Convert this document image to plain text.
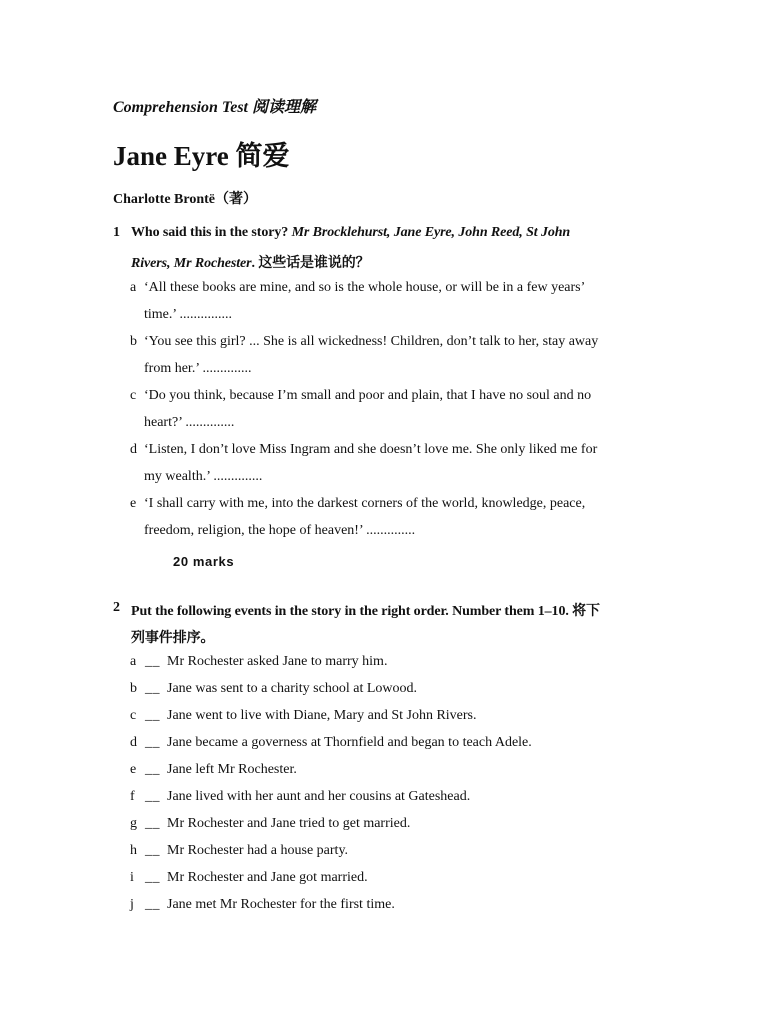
Comprehension Test 阅读理解
Jane Eyre 简爱
Charlotte Brontë（著）
1 Who said this in the story? Mr Brocklehurst, Jane Eyre, John Reed, St John
Rivers, Mr Rochester. 这些话是谁说的？
a ‘All these books are mine, and so is the whole house, or will be in a few years’
time.’ ...............
b ‘You see this girl? ... She is all wickedness! Children, don’t talk to her, stay away
from her.’ ..............
c ‘Do you think, because I’m small and poor and plain, that I have no soul and no
heart?’ ..............
d ‘Listen, I don’t love Miss Ingram and she doesn’t love me. She only liked me for
my wealth.’ ..............
e ‘I shall carry with me, into the darkest corners of the world, knowledge, peace,
freedom, religion, the hope of heaven!’ ..............
20 marks
2 Put the following events in the story in the right order. Number them 1–10. 将下
列事件排序。
a __ Mr Rochester asked Jane to marry him.
b __ Jane was sent to a charity school at Lowood.
c __ Jane went to live with Diane, Mary and St John Rivers.
d __ Jane became a governess at Thornfield and began to teach Adele.
e __ Jane left Mr Rochester.
f __ Jane lived with her aunt and her cousins at Gateshead.
g __ Mr Rochester and Jane tried to get married.
h __ Mr Rochester had a house party.
i __ Mr Rochester and Jane got married.
j __ Jane met Mr Rochester for the first time.
